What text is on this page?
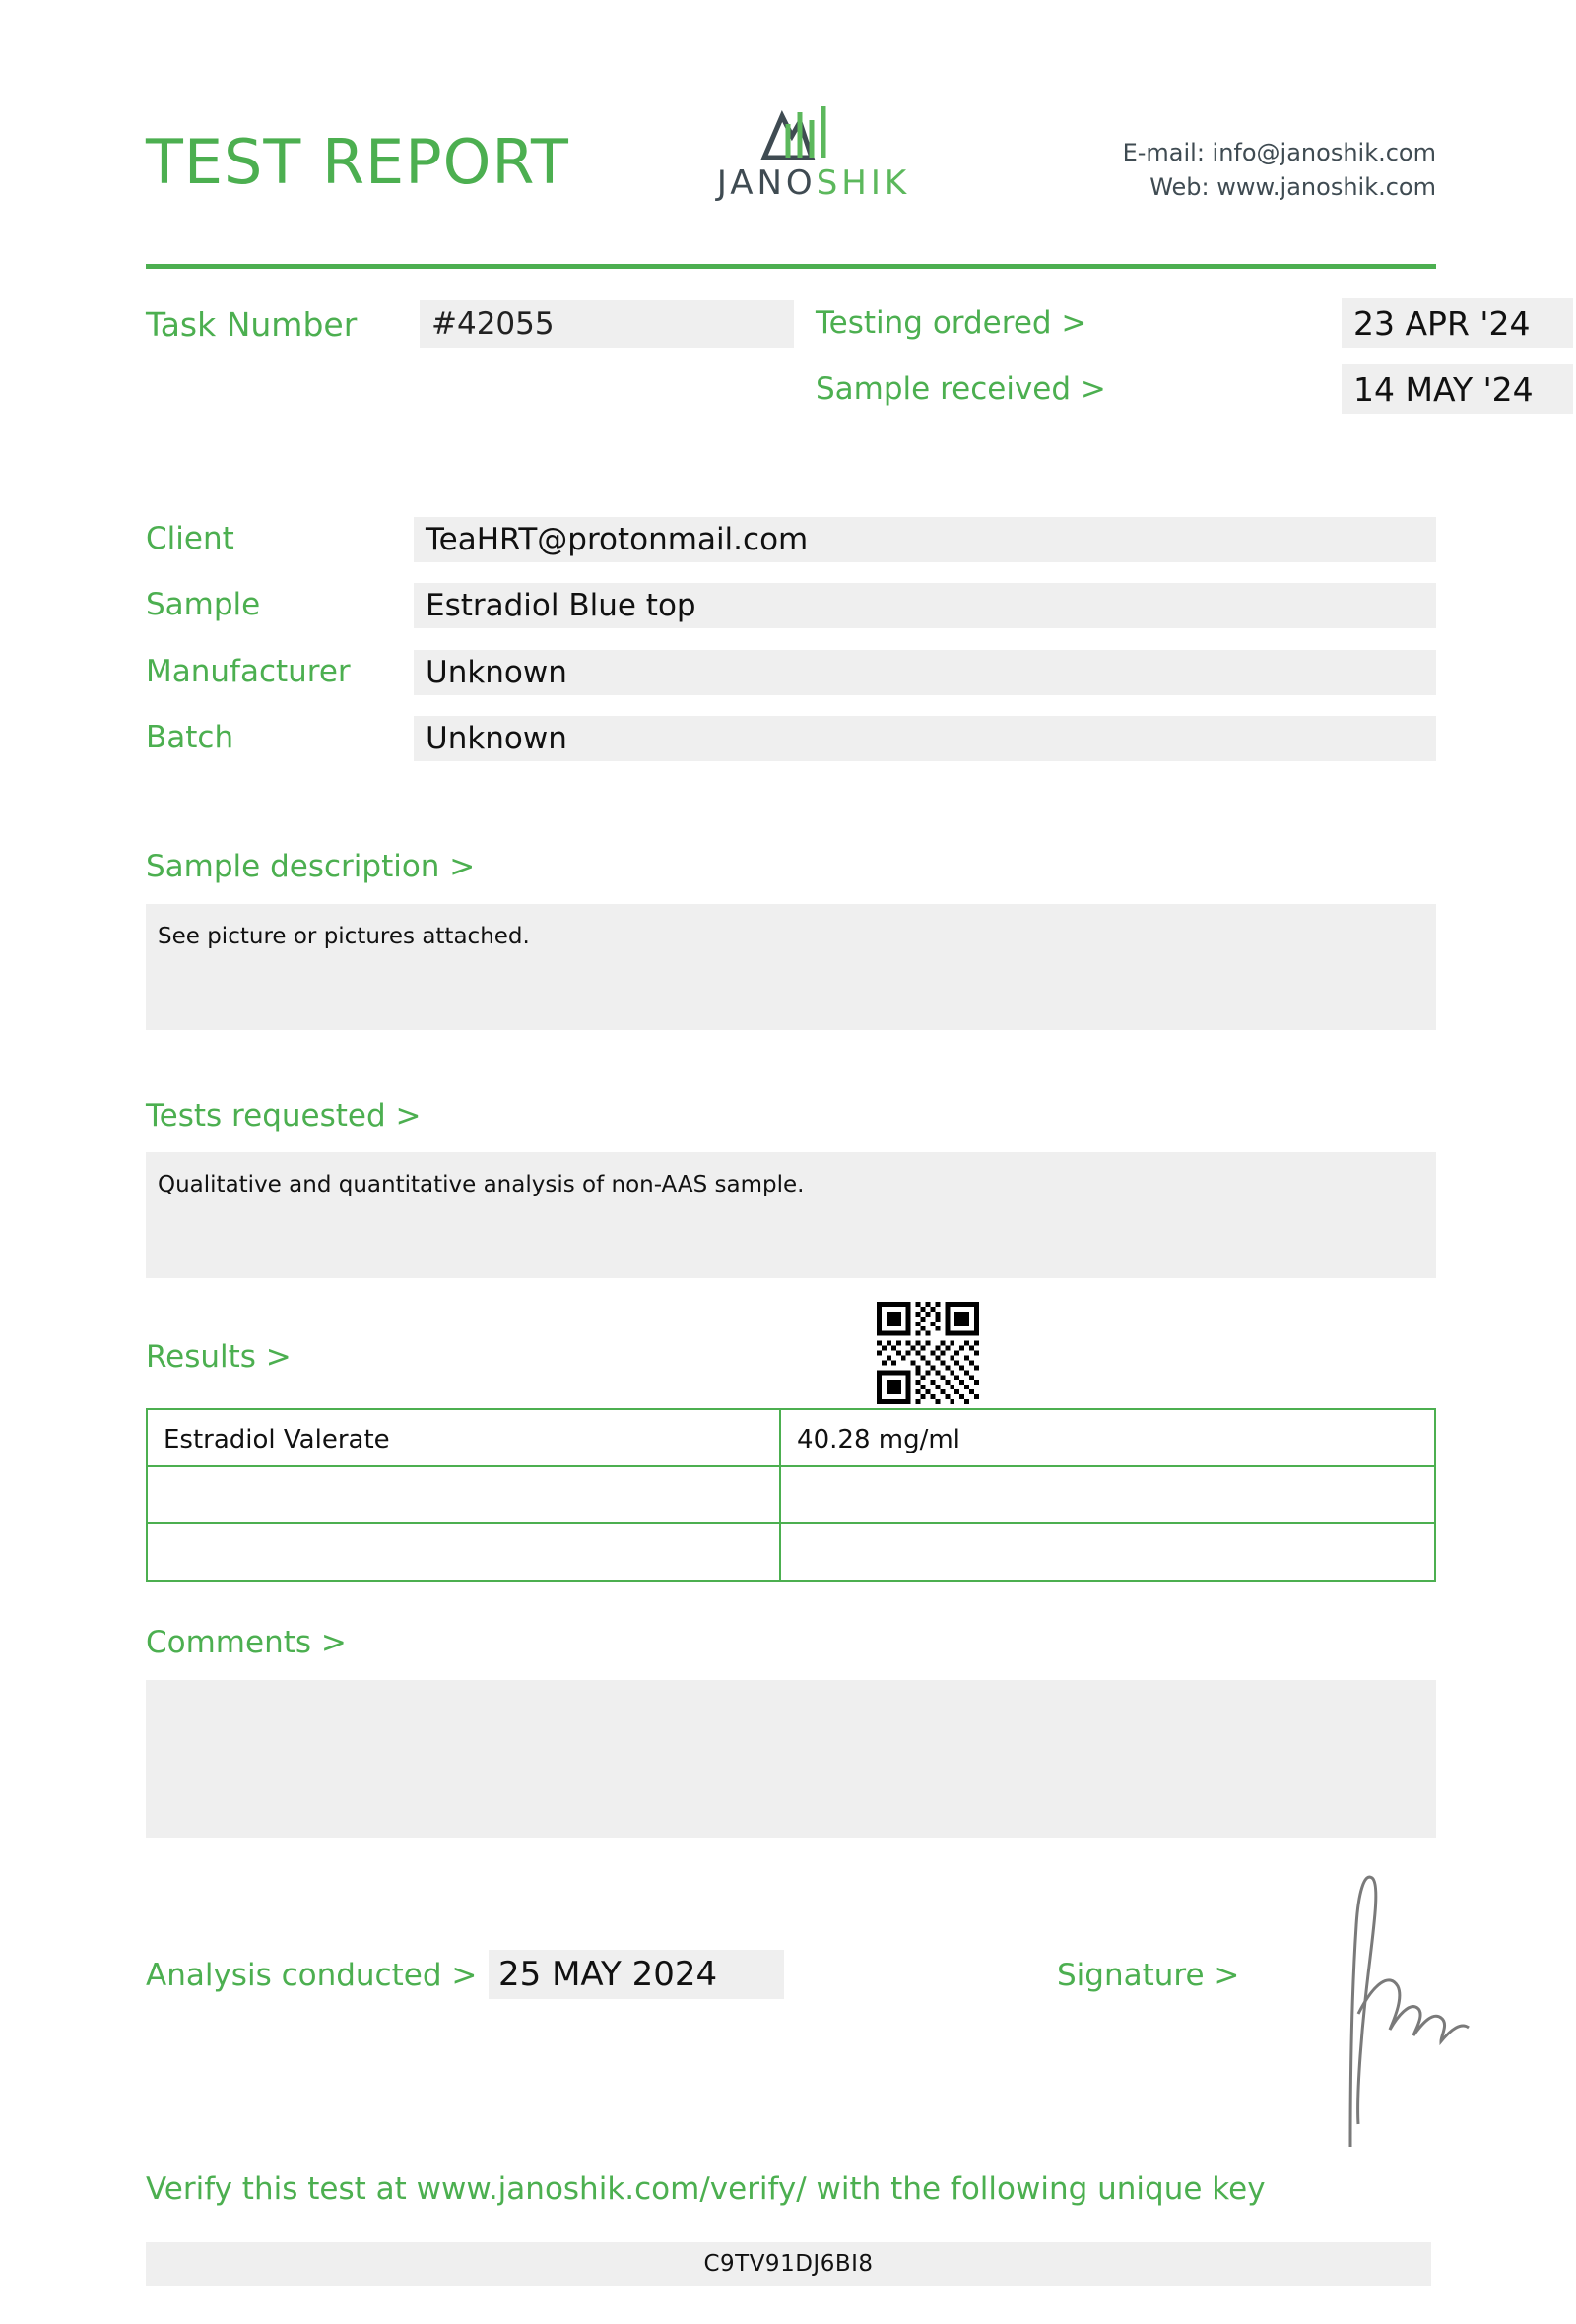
TEST REPORT	JANOSHIK
E-mail: info@janoshik.com
Web: www.janoshik.com
Task Number	#42055	Testing ordered >	23 APR '24
Sample received >	14 MAY '24
Client	TeaHRT@protonmail.com
Sample	Estradiol Blue top
Manufacturer	Unknown
Batch	Unknown
Sample description >
See picture or pictures attached.
Tests requested >
Qualitative and quantitative analysis of non-AAS sample.
Results >
Estradiol Valerate	40.28 mg/ml

Comments >
Analysis conducted > 25 MAY 2024	Signature >
Verify this test at www.janoshik.com/verify/ with the following unique key
C9TV91DJ6BI8
